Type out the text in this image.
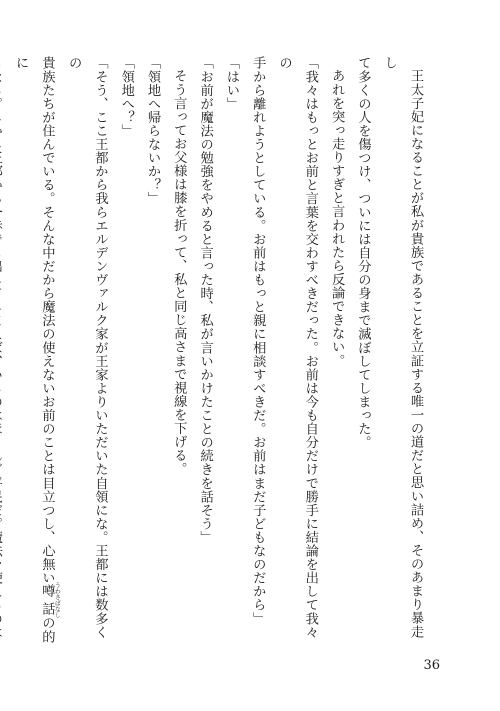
王太子妃になることが私が貴族であることを立証する唯一の道だと思い詰め、そのあまり暴走し
て多くの人を傷つけ、ついには自分の身まで滅ぼしてしまった。
あれを突っ走りすぎと言われたら反論できない。
「我々はもっとお前と言葉を交わすべきだった。お前は今も自分だけで勝手に結論を出して我々の
手から離れようとしている。お前はもっと親に相談すべきだ。お前はまだ子どもなのだから」
「はい」
「お前が魔法の勉強をやめると言った時、私が言いかけたことの続きを話そう」
そう言ってお父様は膝を折って、私と同じ高さまで視線を下げる。
「領地へ帰らないか？」
「領地へ？」
「そう、ここ王都から我らエルデンヴァルク家が王家よりいただいた自領にな。王都には数多くの
貴族たちが住んでいる。そんな中だから魔法の使えないお前のことは目立つし、心無い噂話 うわさばなしの的に
36
